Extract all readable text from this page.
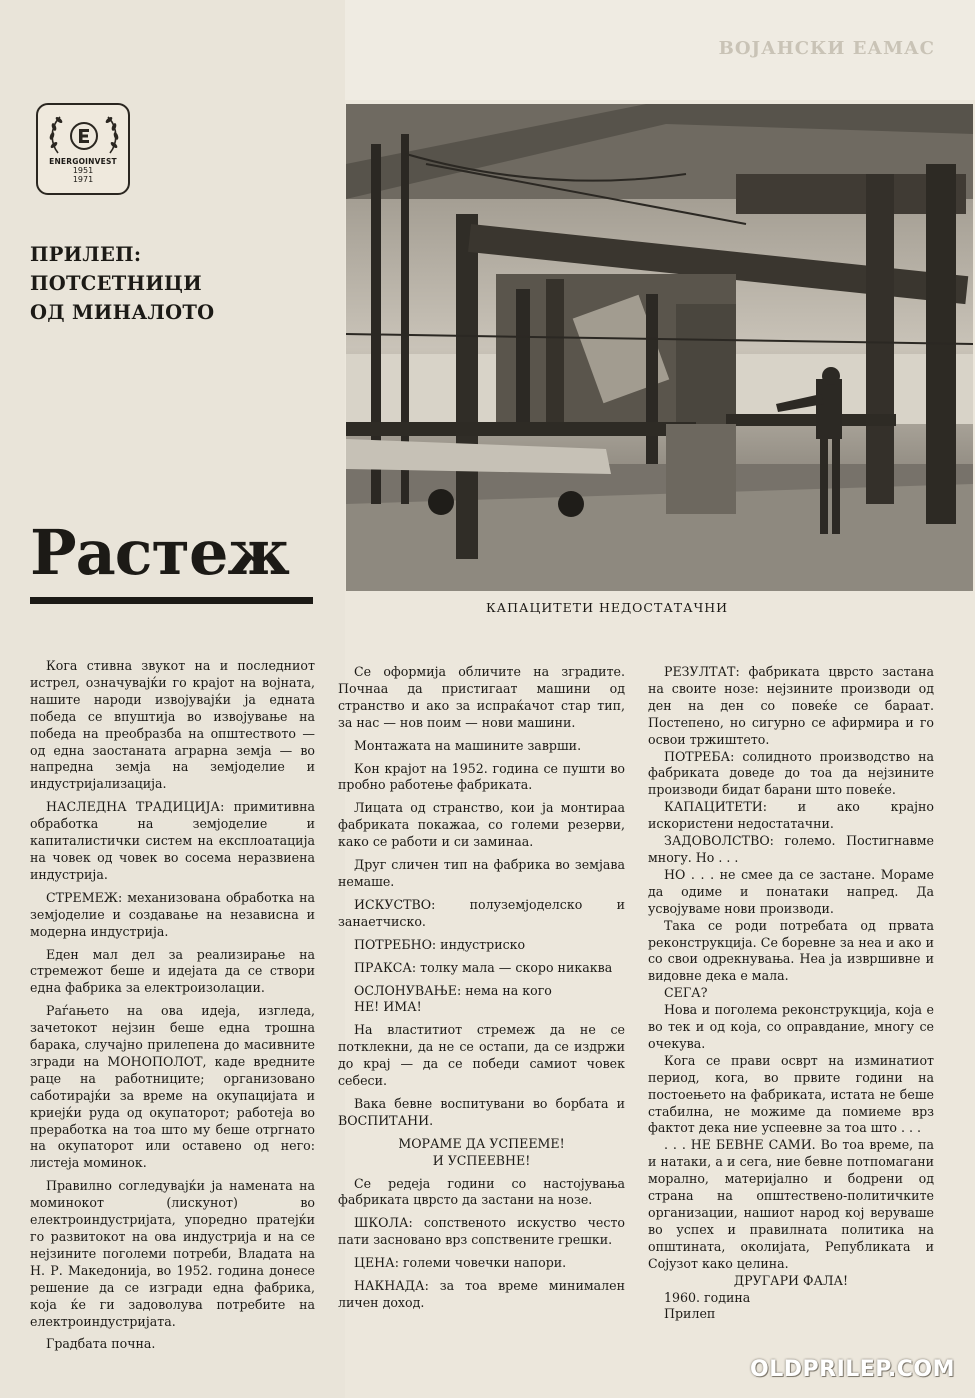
ВОЈАНСКИ ЕАМАС
ENERGOINVEST
1951
1971
ПРИЛЕП:
ПОТСЕТНИЦИ
ОД МИНАЛОТО
Растеж
КАПАЦИТЕТИ НЕДОСТАТАЧНИ

Кога стивна звукот на и последниот истрел, означувајќи го крајот на војната, нашите народи извојуваjќи ја едната победа се впуштија во извојување на победа на преобразба на општеството — од една заостаната аграрна земја — во напредна земја на земјоделие и индустријализација.

НАСЛЕДНА ТРАДИЦИЈА: примитивна обработка на земјоделие и капиталистички систем на експлоатација на човек од човек во сосема неразвиена индустрија.

СТРЕМЕЖ: механизована обработка на земјоделие и создавање на независна и модерна индустрија.

Еден мал дел за реализирање на стремежот беше и идејата да се створи една фабрика за електроизолации.

Раѓањето на ова идеја, изгледа, зачетокот нејзин беше една трошна барака, случајно прилепена до масивните згради на МОНОПОЛОТ, каде вредните раце на работниците; организовано саботирајќи за време на окупацијата и криејќи руда од окупаторот; работеја во преработка на тоа што му беше отргнато на окупаторот или оставено од него: листеја моминок.

Правилно согледувајќи ја намената на моминокот (лискунот) во електроиндустријата, упоредно пратејќи го развитокот на ова индустрија и на се нејзините поголеми потреби, Владата на Н. Р. Македонија, во 1952. година донесе решение да се изгради една фабрика, која ќе ги задоволува потребите на електроиндустријата.

Градбата почна.

Се оформија обличите на зградите. Почнаа да пристигаат машини од странство и ако за испраќачот стар тип, за нас — нов поим — нови машини.

Монтажата на машините заврши.

Кон крајот на 1952. година се пушти во пробно работење фабриката.

Лицата од странство, кои ја монтираа фабриката покажаа, со големи резерви, како се работи и си заминаа.

Друг сличен тип на фабрика во земјава немаше.

ИСКУСТВО: полуземјоделско и занаетчиско.

ПОТРЕБНО: индустриско

ПРАКСА: толку мала — скоро никаква

ОСЛОНУВАЊЕ: нема на кого

НЕ! ИМА!

На властитиот стремеж да не се потклекни, да не се остапи, да се издржи до крај — да се победи самиот човек себеси.

Вака бевне воспитувани во борбата и ВОСПИТАНИ.

МОРАМЕ ДА УСПЕЕМЕ!

И УСПЕЕВНЕ!

Се редеја години со настојувања фабриката цврсто да застани на нозе.

ШКОЛА: сопственото искуство често пати засновано врз сопствените грешки.

ЦЕНА: големи човечки напори.

НАКНАДА: за тоа време минимален личен доход.

РЕЗУЛТАТ: фабриката цврсто застана на своите нозе: нејзините производи од ден на ден со повеќе се бараат. Постепено, но сигурно се афирмира и го освои тржиштето.

ПОТРЕБА: солидното производство на фабриката доведе до тоа да нејзините производи бидат барани што повеќе.

КАПАЦИТЕТИ: и ако крајно искористени недостатачни.

ЗАДОВОЛСТВО: големо. Постигнавме многу. Но . . .

НО . . . не смее да се застане. Мораме да одиме и понатаки напред. Да усвојуваме нови производи.

Така се роди потребата од првата реконструкција. Се боревне за неа и ако и со свои одрекнувања. Неа ја извршивне и видовне дека е мала.

СЕГА?

Нова и поголема реконструкција, која е во тек и од која, со оправдание, многу се очекува.

Кога се прави осврт на изминатиот период, кога, во првите години на постоењето на фабриката, истата не беше стабилна, не можиме да помиеме врз фактот дека ние успеевне за тоа што . . .

. . . НЕ БЕВНЕ САМИ. Во тоа време, па и натаки, а и сега, ние бевне потпомагани морално, материјално и бодрени од страна на општествено-политичките организации, нашиот народ кој веруваше во успех и правилната политика на општината, околијата, Републиката и Сојузот како целина.

ДРУГАРИ ФАЛА!

1960. година

Прилеп

OLDPRILEP.COM
